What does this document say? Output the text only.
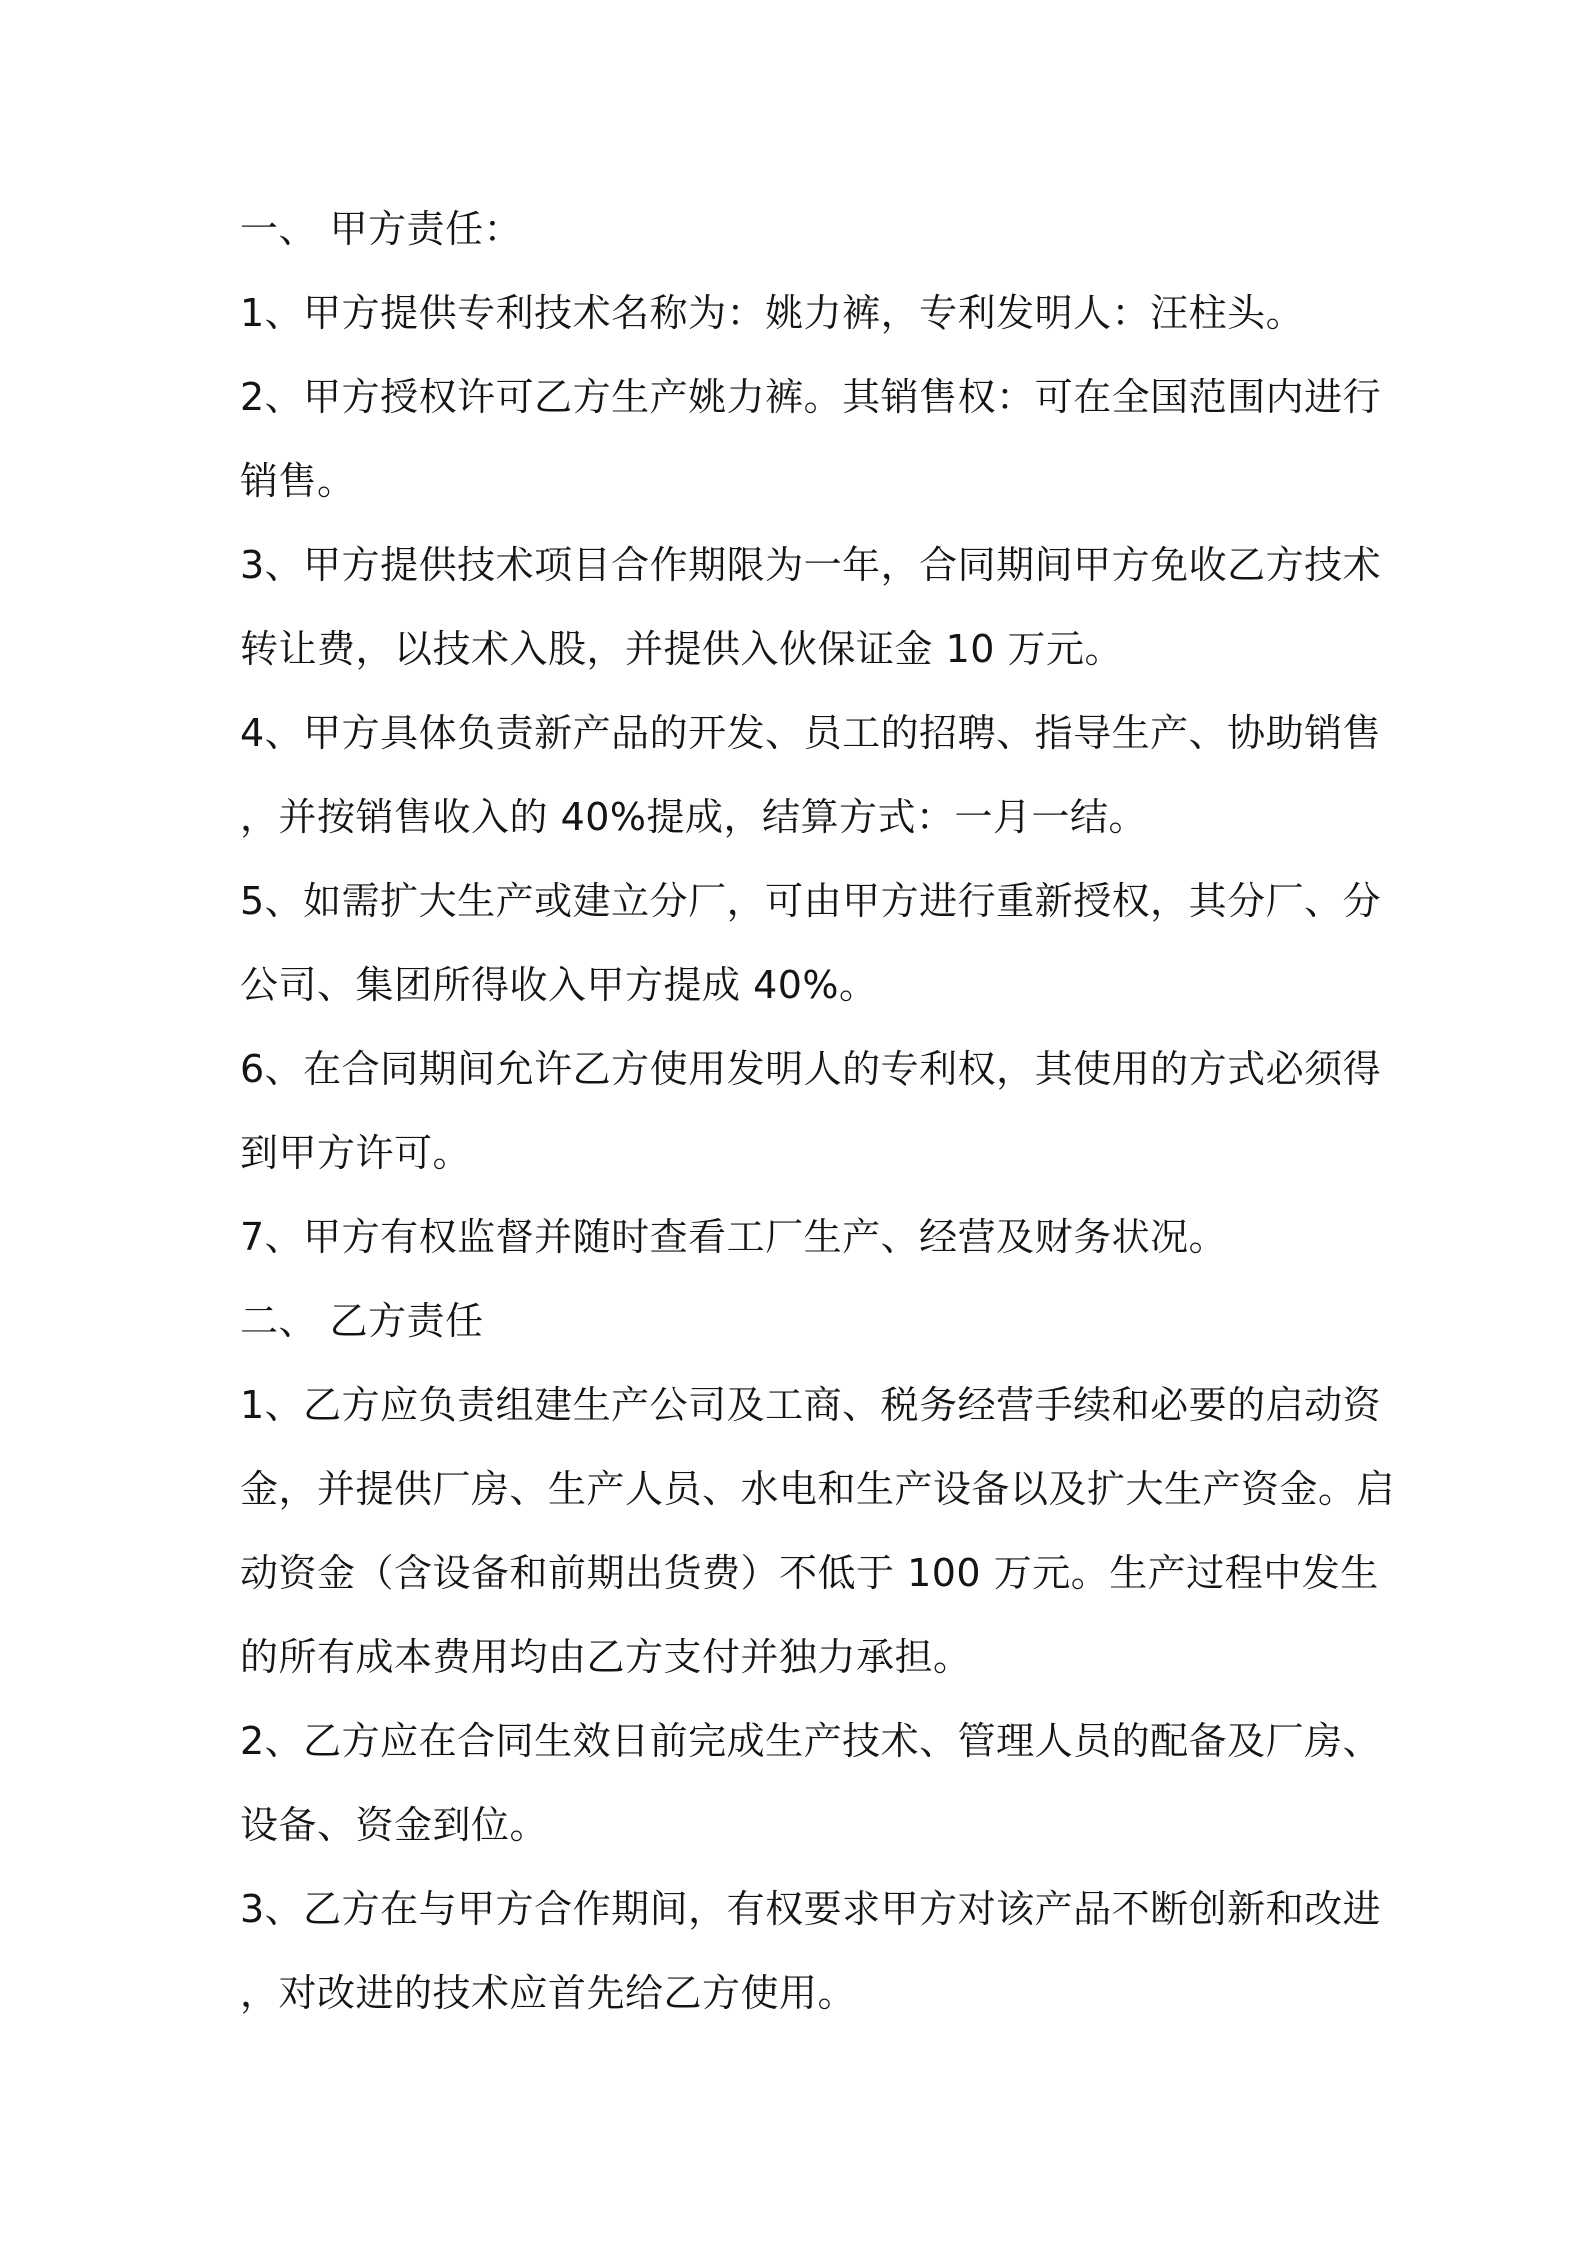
一、 甲方责任：
1、甲方提供专利技术名称为：姚力裤，专利发明人：汪柱头。
2、甲方授权许可乙方生产姚力裤。其销售权：可在全国范围内进行
销售。
3、甲方提供技术项目合作期限为一年，合同期间甲方免收乙方技术
转让费，以技术入股，并提供入伙保证金 10 万元。
4、甲方具体负责新产品的开发、员工的招聘、指导生产、协助销售
，并按销售收入的 40%提成，结算方式：一月一结。
5、如需扩大生产或建立分厂，可由甲方进行重新授权，其分厂、分
公司、集团所得收入甲方提成 40%。
6、在合同期间允许乙方使用发明人的专利权，其使用的方式必须得
到甲方许可。
7、甲方有权监督并随时查看工厂生产、经营及财务状况。
二、 乙方责任
1、乙方应负责组建生产公司及工商、税务经营手续和必要的启动资
金，并提供厂房、生产人员、水电和生产设备以及扩大生产资金。启
动资金（含设备和前期出货费）不低于 100 万元。生产过程中发生
的所有成本费用均由乙方支付并独力承担。
2、乙方应在合同生效日前完成生产技术、管理人员的配备及厂房、
设备、资金到位。
3、乙方在与甲方合作期间，有权要求甲方对该产品不断创新和改进
，对改进的技术应首先给乙方使用。
